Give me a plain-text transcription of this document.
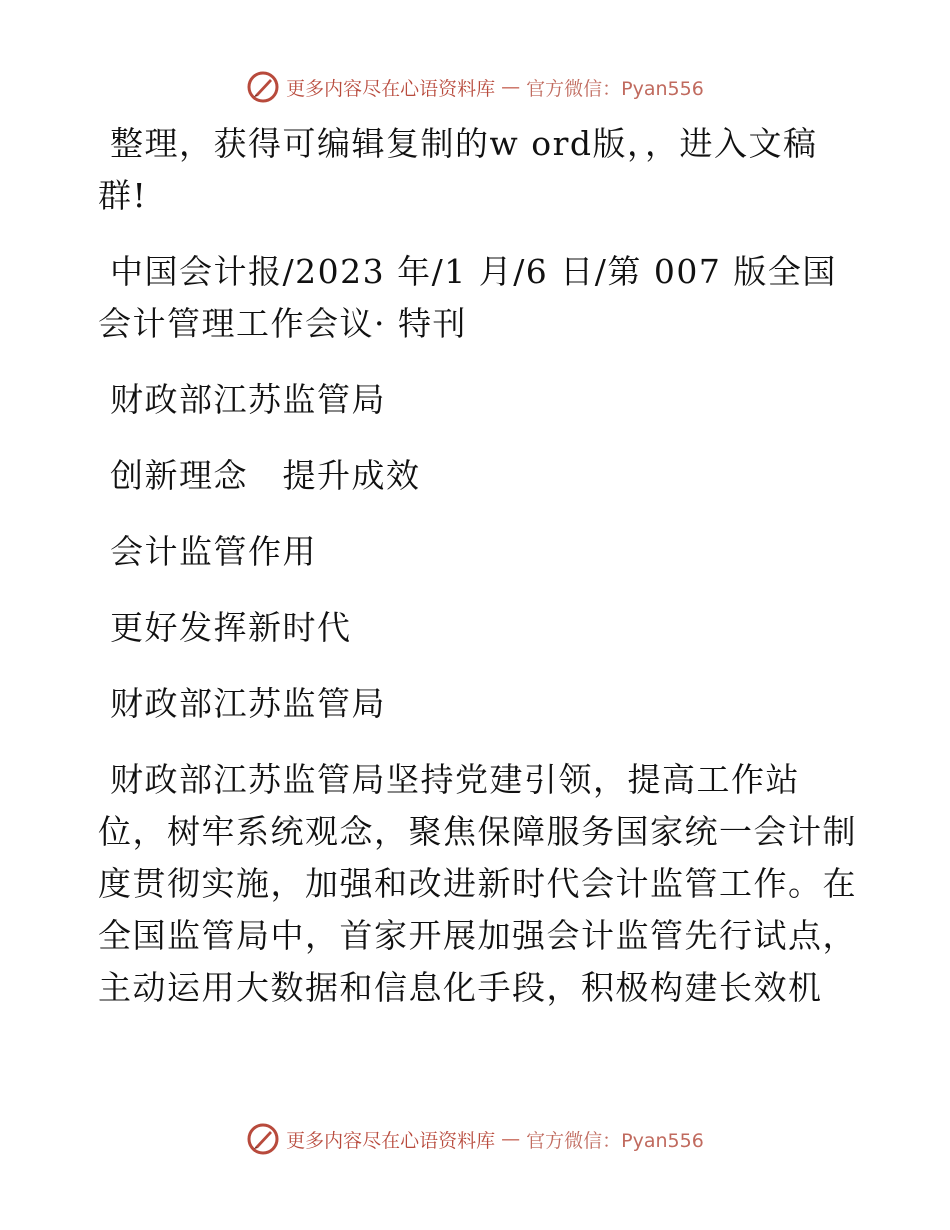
更多内容尽在心语资料库 — 官方微信：Pyan556

整理，获得可编辑复制的w ord版，，进入文稿群!

中国会计报/2023 年/1 月/6 日/第 007 版全国会计管理工作会议· 特刊

财政部江苏监管局

创新理念　提升成效

会计监管作用

更好发挥新时代

财政部江苏监管局

财政部江苏监管局坚持党建引领，提高工作站位，树牢系统观念，聚焦保障服务国家统一会计制度贯彻实施，加强和改进新时代会计监管工作。在全国监管局中，首家开展加强会计监管先行试点，主动运用大数据和信息化手段，积极构建长效机

更多内容尽在心语资料库 — 官方微信：Pyan556
